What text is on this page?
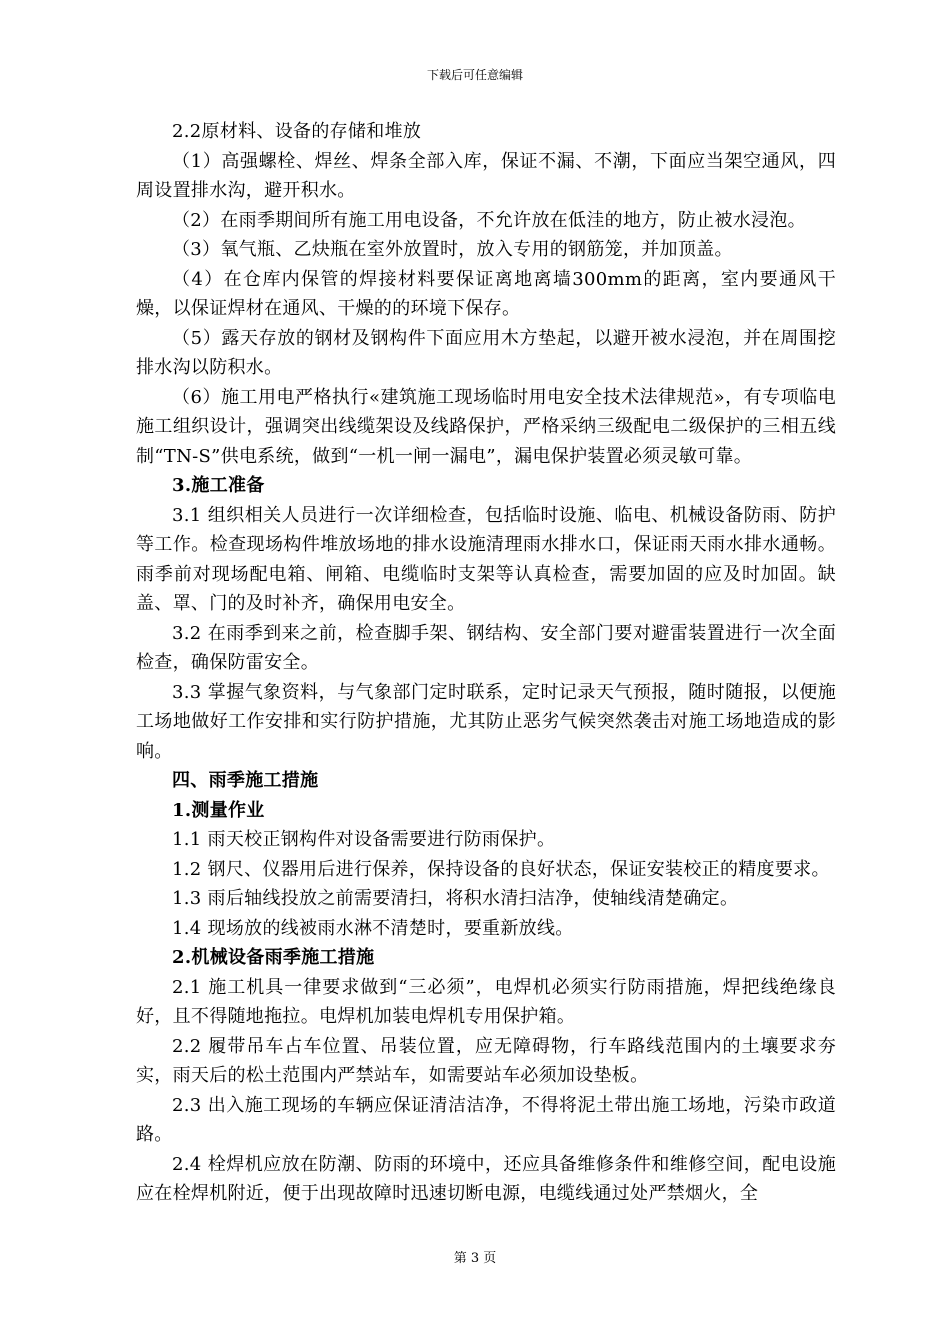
下载后可任意编辑

2.2原材料、设备的存储和堆放

（1）高强螺栓、焊丝、焊条全部入库，保证不漏、不潮，下面应当架空通风，四周设置排水沟，避开积水。

（2）在雨季期间所有施工用电设备，不允许放在低洼的地方，防止被水浸泡。

（3）氧气瓶、乙炔瓶在室外放置时，放入专用的钢筋笼，并加顶盖。

（4）在仓库内保管的焊接材料要保证离地离墙300mm的距离，室内要通风干燥，以保证焊材在通风、干燥的的环境下保存。

（5）露天存放的钢材及钢构件下面应用木方垫起，以避开被水浸泡，并在周围挖排水沟以防积水。

（6）施工用电严格执行«建筑施工现场临时用电安全技术法律规范»，有专项临电施工组织设计，强调突出线缆架设及线路保护，严格采纳三级配电二级保护的三相五线制“TN-S”供电系统，做到“一机一闸一漏电”，漏电保护装置必须灵敏可靠。

3.施工准备

3.1 组织相关人员进行一次详细检查，包括临时设施、临电、机械设备防雨、防护等工作。检查现场构件堆放场地的排水设施清理雨水排水口，保证雨天雨水排水通畅。雨季前对现场配电箱、闸箱、电缆临时支架等认真检查，需要加固的应及时加固。缺盖、罩、门的及时补齐，确保用电安全。

3.2 在雨季到来之前，检查脚手架、钢结构、安全部门要对避雷装置进行一次全面检查，确保防雷安全。

3.3 掌握气象资料，与气象部门定时联系，定时记录天气预报，随时随报，以便施工场地做好工作安排和实行防护措施，尤其防止恶劣气候突然袭击对施工场地造成的影响。

四、雨季施工措施

1.测量作业

1.1 雨天校正钢构件对设备需要进行防雨保护。

1.2 钢尺、仪器用后进行保养，保持设备的良好状态，保证安装校正的精度要求。

1.3 雨后轴线投放之前需要清扫，将积水清扫洁净，使轴线清楚确定。

1.4 现场放的线被雨水淋不清楚时，要重新放线。

2.机械设备雨季施工措施

2.1 施工机具一律要求做到“三必须”，电焊机必须实行防雨措施，焊把线绝缘良好，且不得随地拖拉。电焊机加装电焊机专用保护箱。

2.2 履带吊车占车位置、吊装位置，应无障碍物，行车路线范围内的土壤要求夯实，雨天后的松土范围内严禁站车，如需要站车必须加设垫板。

2.3 出入施工现场的车辆应保证清洁洁净，不得将泥土带出施工场地，污染市政道路。

2.4 栓焊机应放在防潮、防雨的环境中，还应具备维修条件和维修空间，配电设施应在栓焊机附近，便于出现故障时迅速切断电源，电缆线通过处严禁烟火，全

第 3 页
